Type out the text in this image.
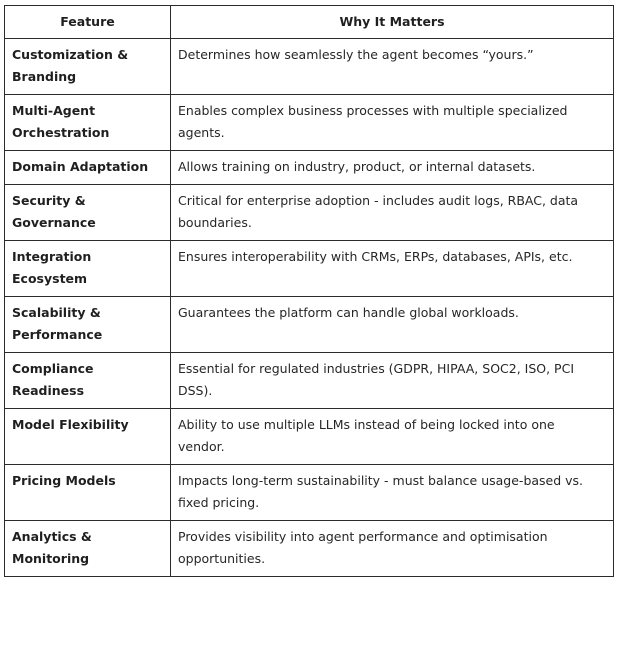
Feature	Why It Matters
Customization & Branding	Determines how seamlessly the agent becomes “yours.”
Multi-Agent Orchestration	Enables complex business processes with multiple specialized agents.
Domain Adaptation	Allows training on industry, product, or internal datasets.
Security & Governance	Critical for enterprise adoption - includes audit logs, RBAC, data boundaries.
Integration Ecosystem	Ensures interoperability with CRMs, ERPs, databases, APIs, etc.
Scalability & Performance	Guarantees the platform can handle global workloads.
Compliance Readiness	Essential for regulated industries (GDPR, HIPAA, SOC2, ISO, PCI DSS).
Model Flexibility	Ability to use multiple LLMs instead of being locked into one vendor.
Pricing Models	Impacts long-term sustainability - must balance usage-based vs. fixed pricing.
Analytics & Monitoring	Provides visibility into agent performance and optimisation opportunities.
